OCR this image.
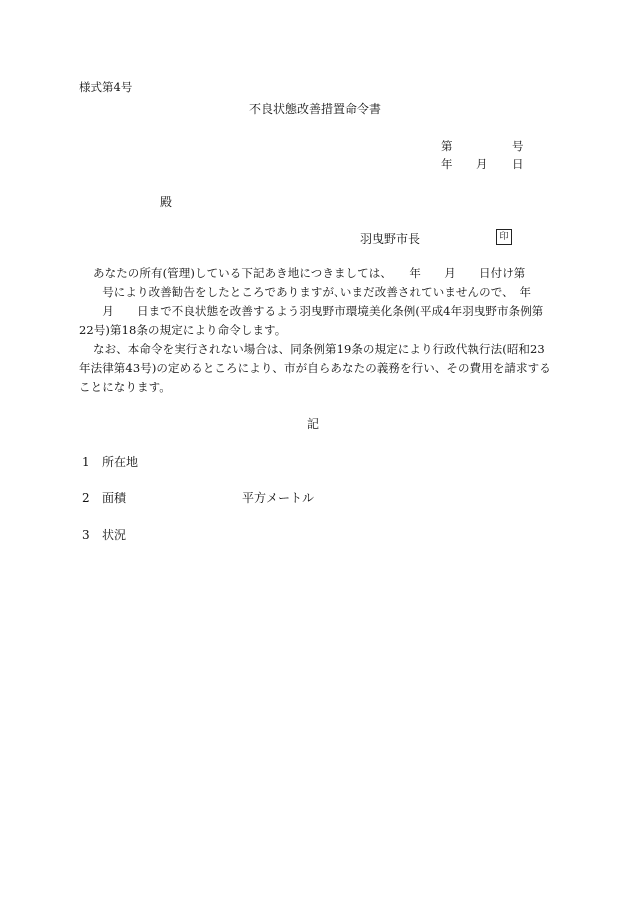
様式第4号
不良状態改善措置命令書
第	号
年 月 日
殿
羽曳野市長	印
あなたの所有(管理)している下記あき地につきましては、　　年　　月　　日付け第
　　号により改善勧告をしたところでありますが､いまだ改善されていませんので、　年
　　月　　日まで不良状態を改善するよう羽曳野市環境美化条例(平成4年羽曳野市条例第
22号)第18条の規定により命令します。
なお、本命令を実行されない場合は、同条例第19条の規定により行政代執行法(昭和23
年法律第43号)の定めるところにより、市が自らあなたの義務を行い、その費用を請求する
ことになります。
記
1 所在地
2 面積	平方メートル
3 状況
